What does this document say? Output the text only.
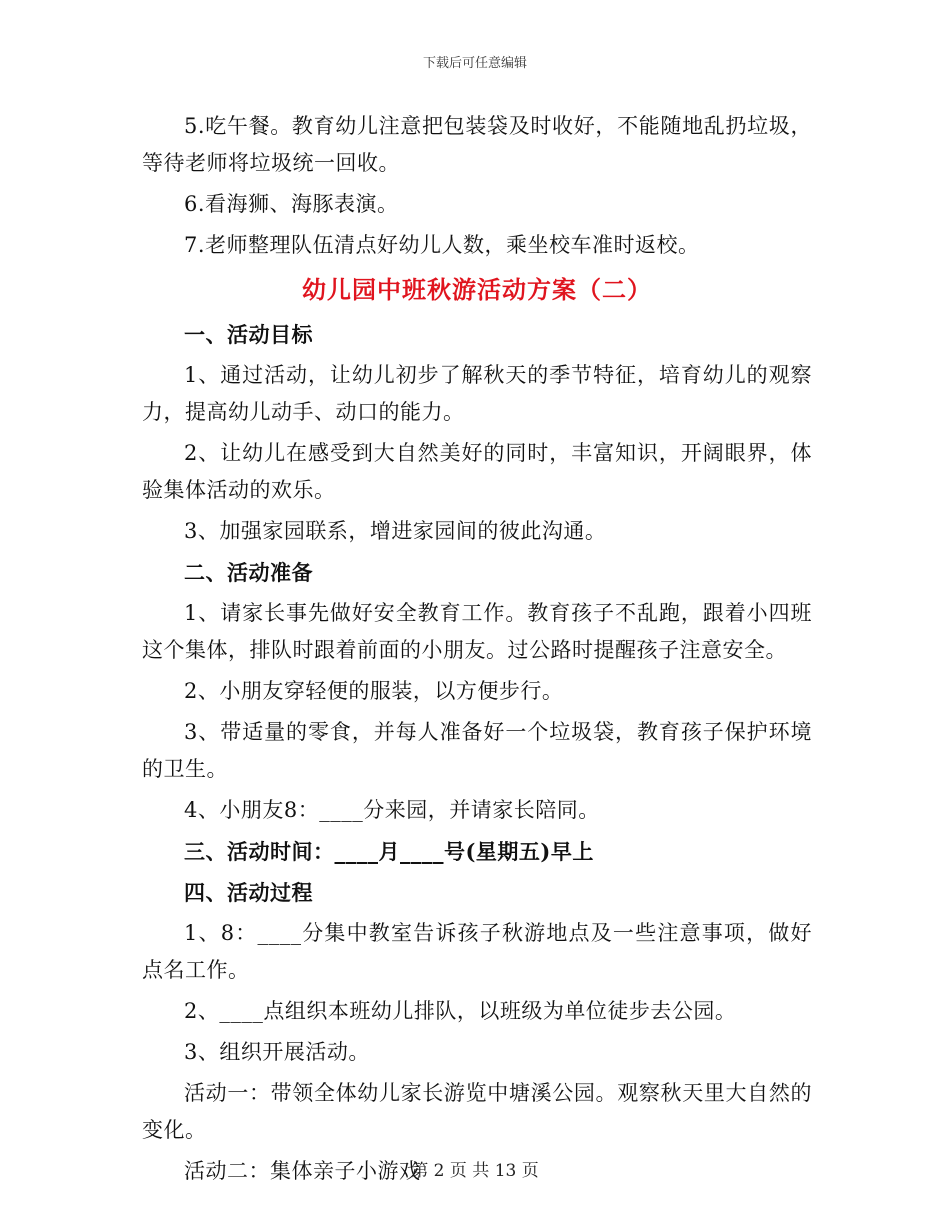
下载后可任意编辑

5.吃午餐。教育幼儿注意把包装袋及时收好，不能随地乱扔垃圾，等待老师将垃圾统一回收。

6.看海狮、海豚表演。

7.老师整理队伍清点好幼儿人数，乘坐校车准时返校。

幼儿园中班秋游活动方案（二）

一、活动目标

1、通过活动，让幼儿初步了解秋天的季节特征，培育幼儿的观察力，提高幼儿动手、动口的能力。

2、让幼儿在感受到大自然美好的同时，丰富知识，开阔眼界，体验集体活动的欢乐。

3、加强家园联系，增进家园间的彼此沟通。

二、活动准备

1、请家长事先做好安全教育工作。教育孩子不乱跑，跟着小四班这个集体，排队时跟着前面的小朋友。过公路时提醒孩子注意安全。

2、小朋友穿轻便的服装，以方便步行。

3、带适量的零食，并每人准备好一个垃圾袋，教育孩子保护环境的卫生。

4、小朋友8：____分来园，并请家长陪同。

三、活动时间：____月____号(星期五)早上

四、活动过程

1、8：____分集中教室告诉孩子秋游地点及一些注意事项，做好点名工作。

2、____点组织本班幼儿排队，以班级为单位徒步去公园。

3、组织开展活动。

活动一：带领全体幼儿家长游览中塘溪公园。观察秋天里大自然的变化。

活动二：集体亲子小游戏

第 2 页 共 13 页
